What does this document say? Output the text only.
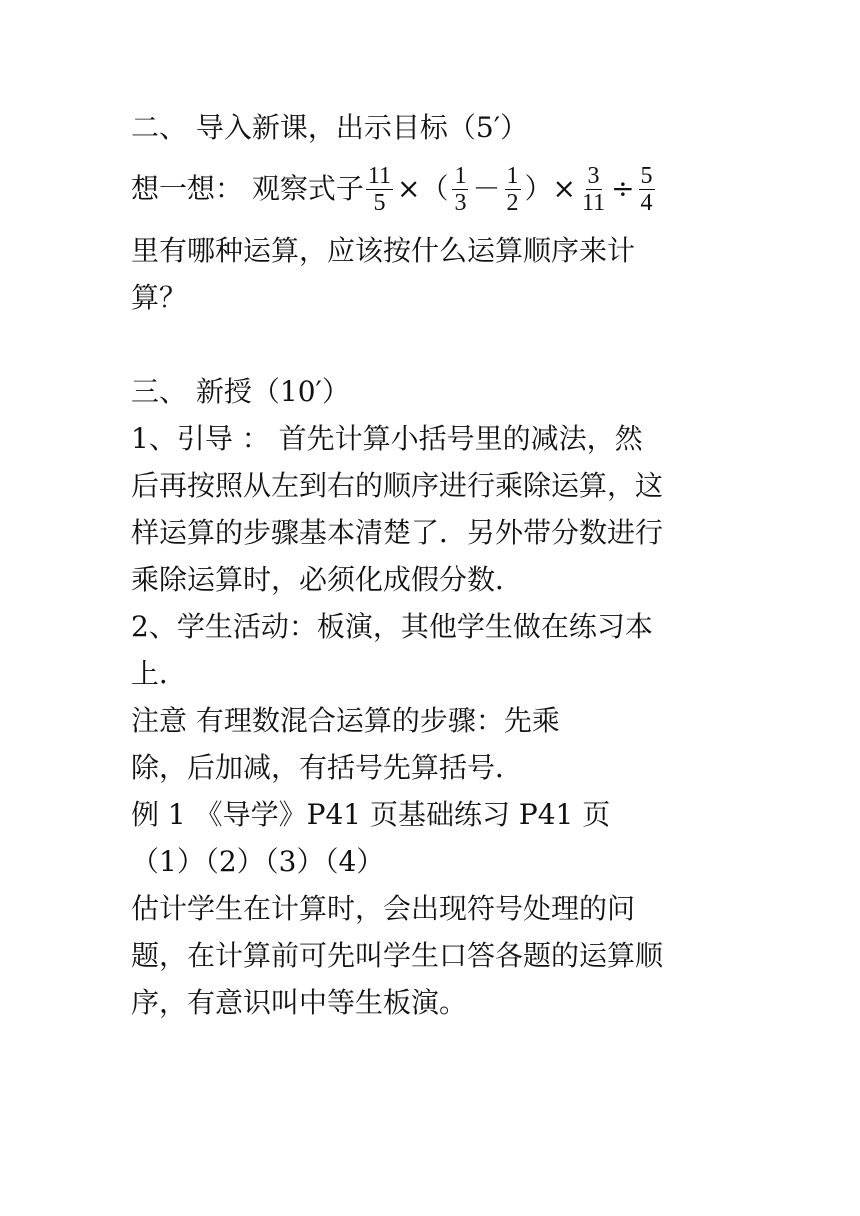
二、 导入新课，出示目标（5′）
想一想： 观察式子 $\frac{11}{5}$ ×（ $\frac{1}{3} - \frac{1}{2}$ ）× $\frac{3}{11} \div \frac{5}{4}$
里有哪种运算，应该按什么运算顺序来计
算？
三、 新授（10′）
1、引导 ： 首先计算小括号里的减法，然
后再按照从左到右的顺序进行乘除运算，这
样运算的步骤基本清楚了．另外带分数进行
乘除运算时，必须化成假分数．
2、学生活动：板演，其他学生做在练习本
上．
注意 有理数混合运算的步骤：先乘
除，后加减，有括号先算括号．
例 1 《导学》P41 页基础练习 P41 页
（1）（2）（3）（4）
估计学生在计算时，会出现符号处理的问
题，在计算前可先叫学生口答各题的运算顺
序，有意识叫中等生板演。
